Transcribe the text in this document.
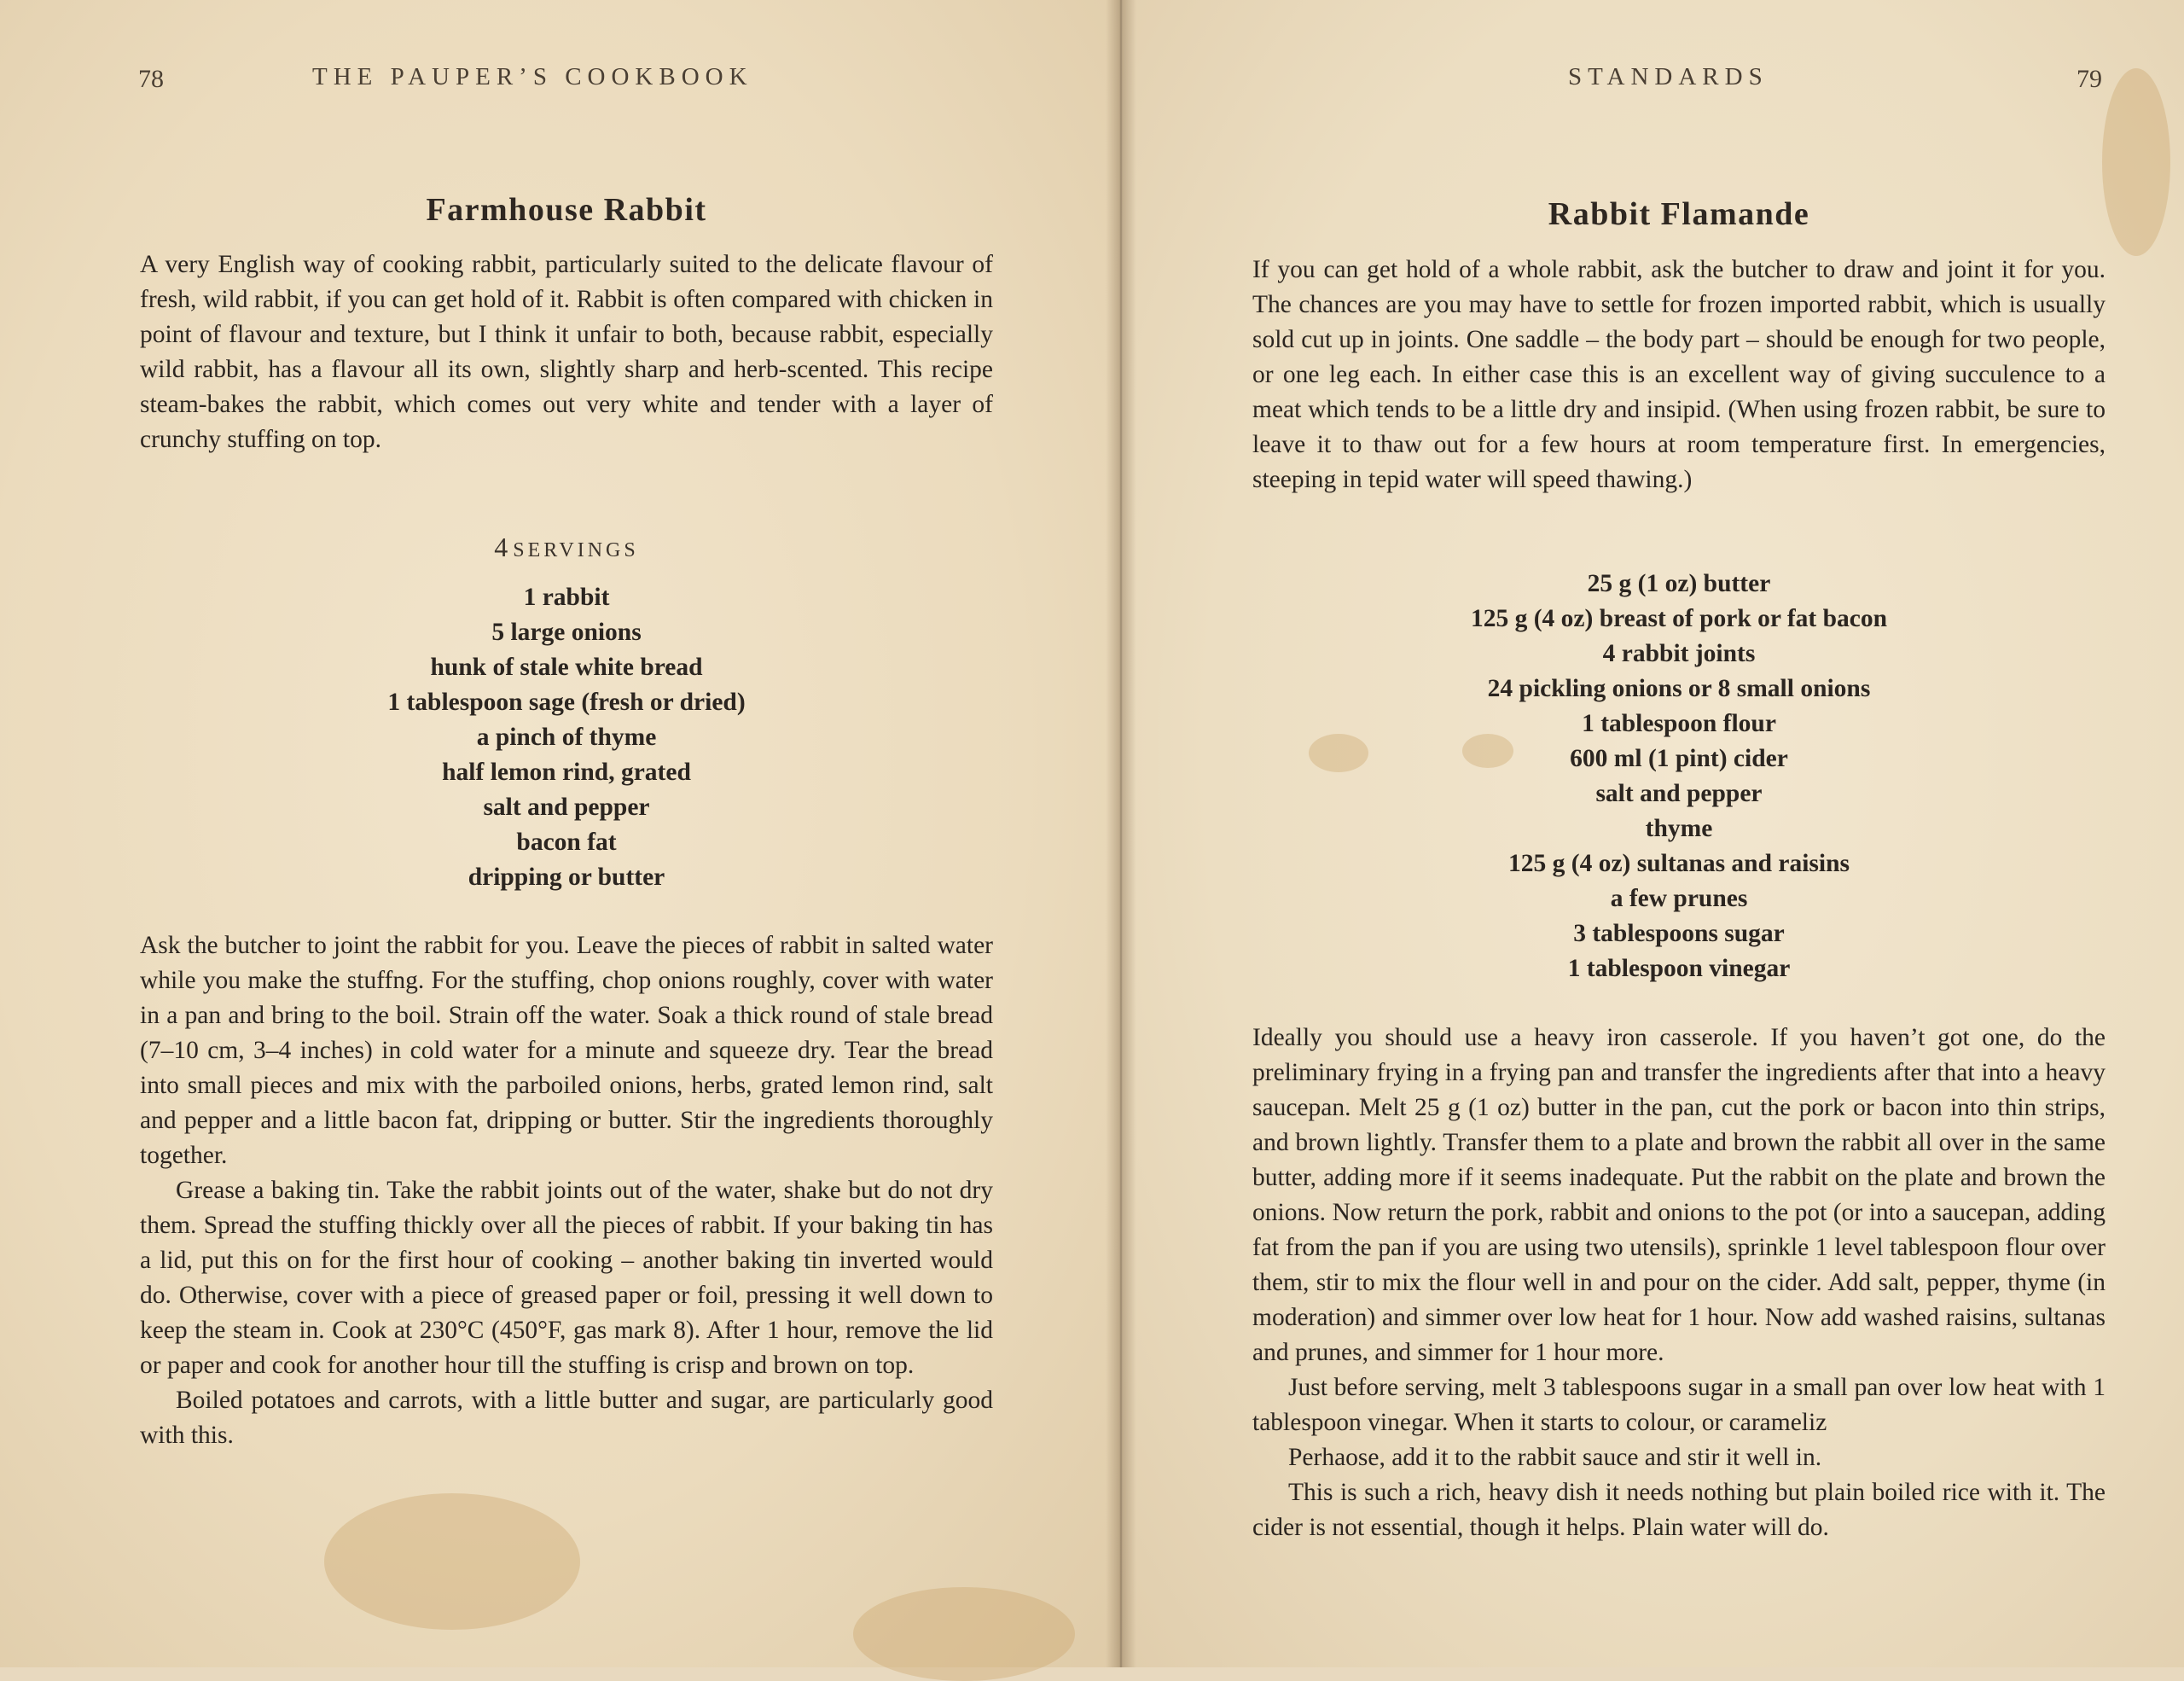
78	THE PAUPER’S COOKBOOK
Farmhouse Rabbit

A very English way of cooking rabbit, particularly suited to the delicate flavour of fresh, wild rabbit, if you can get hold of it. Rabbit is often compared with chicken in point of flavour and texture, but I think it unfair to both, because rabbit, especially wild rabbit, has a flavour all its own, slightly sharp and herb-scented. This recipe steam-bakes the rabbit, which comes out very white and tender with a layer of crunchy stuffing on top.

4 SERVINGS
1 rabbit
5 large onions
hunk of stale white bread
1 tablespoon sage (fresh or dried)
a pinch of thyme
half lemon rind, grated
salt and pepper
bacon fat
dripping or butter

Ask the butcher to joint the rabbit for you. Leave the pieces of rabbit in salted water while you make the stuffng. For the stuffing, chop onions roughly, cover with water in a pan and bring to the boil. Strain off the water. Soak a thick round of stale bread (7–10 cm, 3–4 inches) in cold water for a minute and squeeze dry. Tear the bread into small pieces and mix with the parboiled onions, herbs, grated lemon rind, salt and pepper and a little bacon fat, dripping or butter. Stir the ingredients thoroughly together.

Grease a baking tin. Take the rabbit joints out of the water, shake but do not dry them. Spread the stuffing thickly over all the pieces of rabbit. If your baking tin has a lid, put this on for the first hour of cooking – another baking tin inverted would do. Otherwise, cover with a piece of greased paper or foil, pressing it well down to keep the steam in. Cook at 230°C (450°F, gas mark 8). After 1 hour, remove the lid or paper and cook for another hour till the stuffing is crisp and brown on top.

Boiled potatoes and carrots, with a little butter and sugar, are particularly good with this.

STANDARDS	79
Rabbit Flamande

If you can get hold of a whole rabbit, ask the butcher to draw and joint it for you. The chances are you may have to settle for frozen imported rabbit, which is usually sold cut up in joints. One saddle – the body part – should be enough for two people, or one leg each. In either case this is an excellent way of giving succulence to a meat which tends to be a little dry and insipid. (When using frozen rabbit, be sure to leave it to thaw out for a few hours at room temperature first. In emergencies, steeping in tepid water will speed thawing.)

25 g (1 oz) butter
125 g (4 oz) breast of pork or fat bacon
4 rabbit joints
24 pickling onions or 8 small onions
1 tablespoon flour
600 ml (1 pint) cider
salt and pepper
thyme
125 g (4 oz) sultanas and raisins
a few prunes
3 tablespoons sugar
1 tablespoon vinegar

Ideally you should use a heavy iron casserole. If you haven’t got one, do the preliminary frying in a frying pan and transfer the ingredients after that into a heavy saucepan. Melt 25 g (1 oz) butter in the pan, cut the pork or bacon into thin strips, and brown lightly. Transfer them to a plate and brown the rabbit all over in the same butter, adding more if it seems inadequate. Put the rabbit on the plate and brown the onions. Now return the pork, rabbit and onions to the pot (or into a saucepan, adding fat from the pan if you are using two utensils), sprinkle 1 level tablespoon flour over them, stir to mix the flour well in and pour on the cider. Add salt, pepper, thyme (in moderation) and simmer over low heat for 1 hour. Now add washed raisins, sultanas and prunes, and simmer for 1 hour more.

Just before serving, melt 3 tablespoons sugar in a small pan over low heat with 1 tablespoon vinegar. When it starts to colour, or carameliz

Perhaose, add it to the rabbit sauce and stir it well in.

This is such a rich, heavy dish it needs nothing but plain boiled rice with it. The cider is not essential, though it helps. Plain water will do.
